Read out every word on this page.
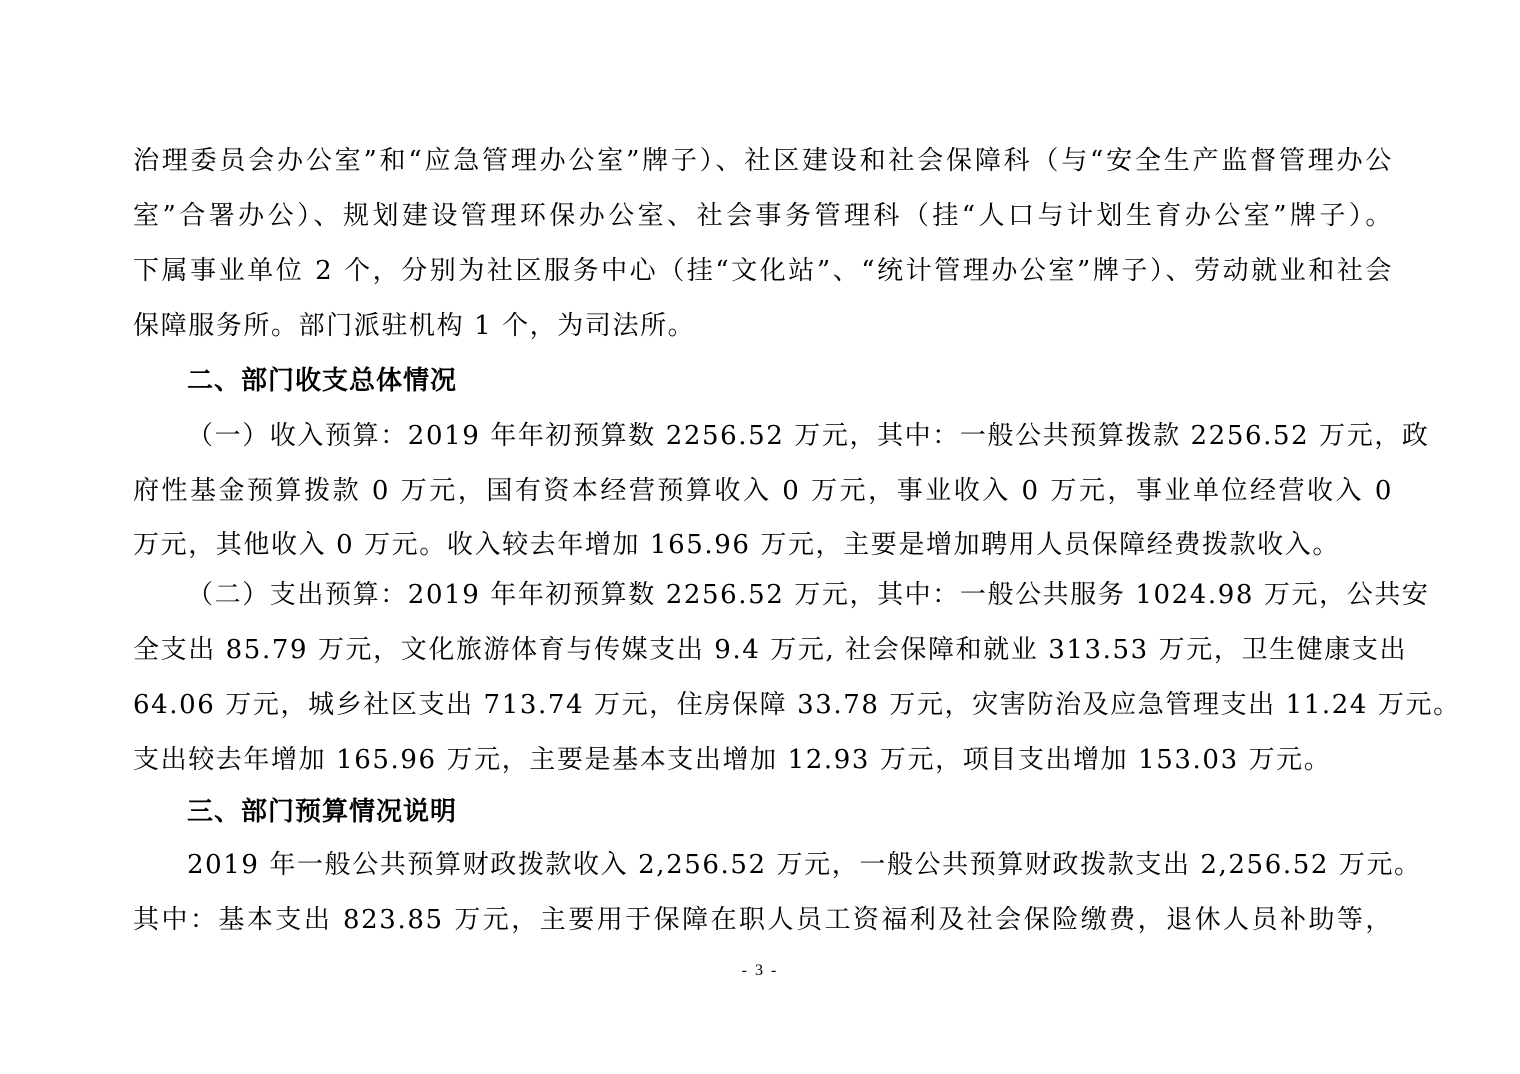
治理委员会办公室”和“应急管理办公室”牌子）、社区建设和社会保障科（与“安全生产监督管理办公
室”合署办公）、规划建设管理环保办公室、社会事务管理科（挂“人口与计划生育办公室”牌子）。
下属事业单位 2 个，分别为社区服务中心（挂“文化站”、“统计管理办公室”牌子）、劳动就业和社会
保障服务所。部门派驻机构 1 个，为司法所。
二、部门收支总体情况
（一）收入预算：2019 年年初预算数 2256.52 万元，其中：一般公共预算拨款 2256.52 万元，政
府性基金预算拨款 0 万元，国有资本经营预算收入 0 万元，事业收入 0 万元，事业单位经营收入 0
万元，其他收入 0 万元。收入较去年增加 165.96 万元，主要是增加聘用人员保障经费拨款收入。
（二）支出预算：2019 年年初预算数 2256.52 万元，其中：一般公共服务 1024.98 万元，公共安
全支出 85.79 万元，文化旅游体育与传媒支出 9.4 万元, 社会保障和就业 313.53 万元，卫生健康支出
64.06 万元，城乡社区支出 713.74 万元，住房保障 33.78 万元，灾害防治及应急管理支出 11.24 万元。
支出较去年增加 165.96 万元，主要是基本支出增加 12.93 万元，项目支出增加 153.03 万元。
三、部门预算情况说明
2019 年一般公共预算财政拨款收入 2,256.52 万元，一般公共预算财政拨款支出 2,256.52 万元。
其中：基本支出 823.85 万元，主要用于保障在职人员工资福利及社会保险缴费，退休人员补助等，
- 3 -
